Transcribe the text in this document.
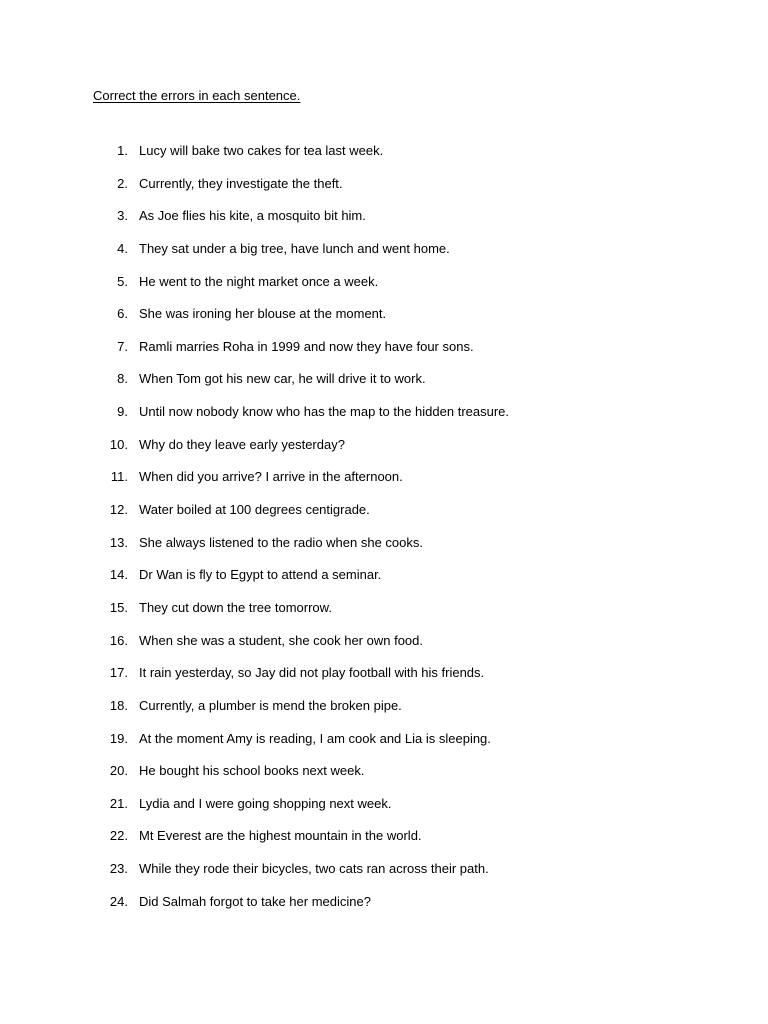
Correct the errors in each sentence.
1. Lucy will bake two cakes for tea last week.
2. Currently, they investigate the theft.
3. As Joe flies his kite, a mosquito bit him.
4. They sat under a big tree, have lunch and went home.
5. He went to the night market once a week.
6. She was ironing her blouse at the moment.
7. Ramli marries Roha in 1999 and now they have four sons.
8. When Tom got his new car, he will drive it to work.
9. Until now nobody know who has the map to the hidden treasure.
10. Why do they leave early yesterday?
11. When did you arrive? I arrive in the afternoon.
12. Water boiled at 100 degrees centigrade.
13. She always listened to the radio when she cooks.
14. Dr Wan is fly to Egypt to attend a seminar.
15. They cut down the tree tomorrow.
16. When she was a student, she cook her own food.
17. It rain yesterday, so Jay did not play football with his friends.
18. Currently, a plumber is mend the broken pipe.
19. At the moment Amy is reading, I am cook and Lia is sleeping.
20. He bought his school books next week.
21. Lydia and I were going shopping next week.
22. Mt Everest are the highest mountain in the world.
23. While they rode their bicycles, two cats ran across their path.
24. Did Salmah forgot to take her medicine?
